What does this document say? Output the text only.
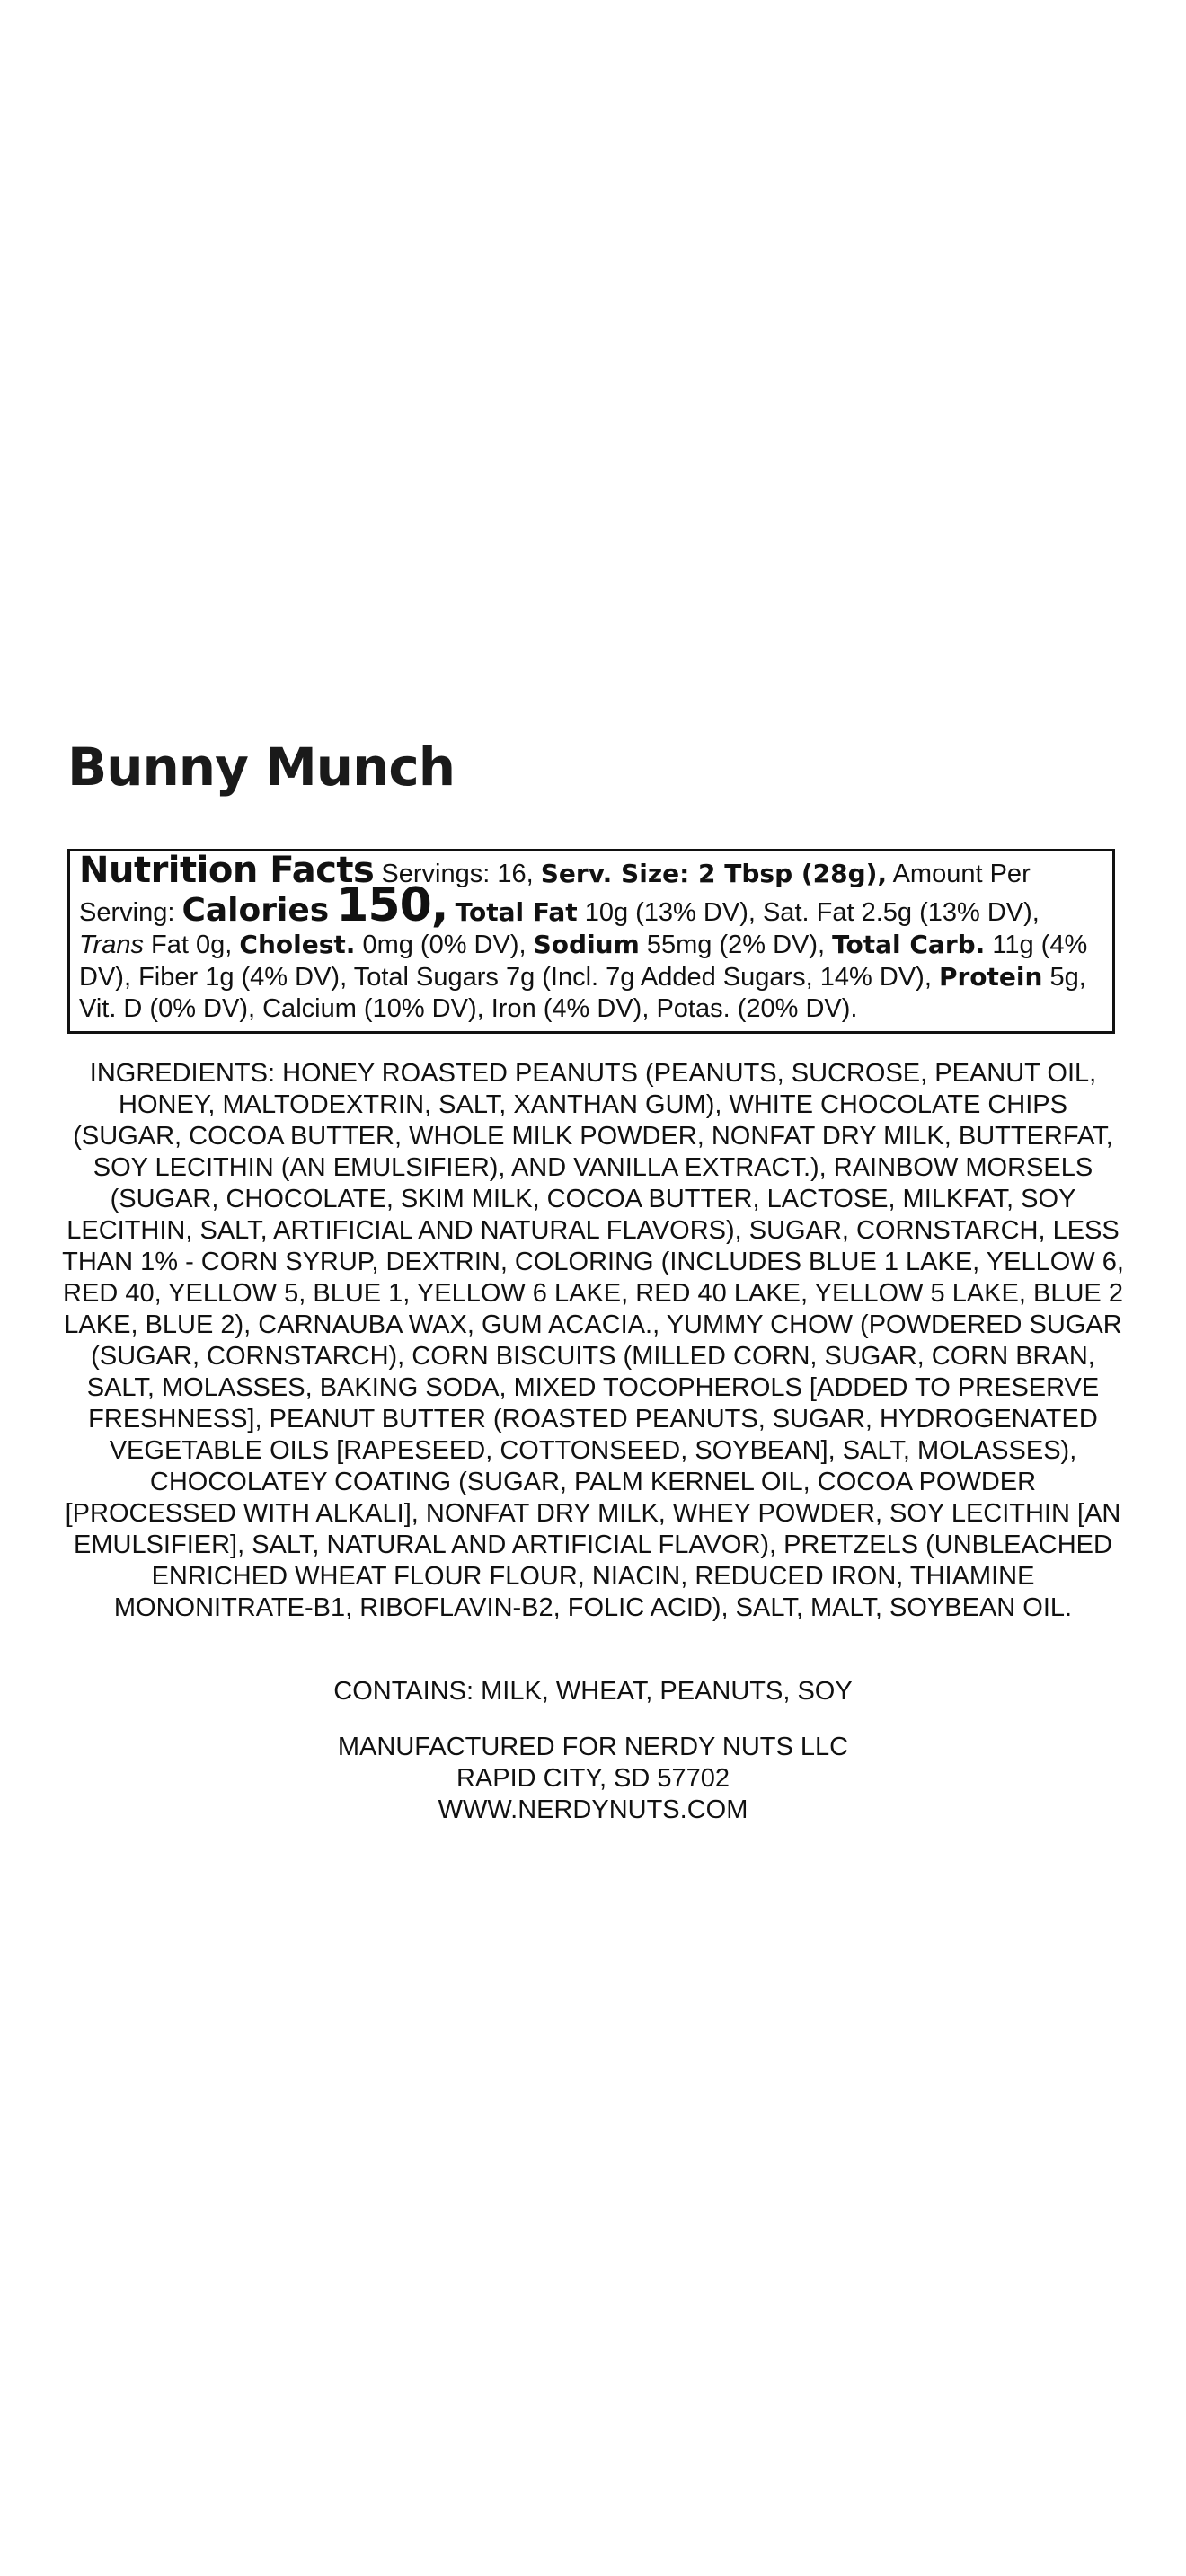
Bunny Munch
Nutrition Facts Servings: 16, Serv. Size: 2 Tbsp (28g), Amount Per Serving: Calories 150, Total Fat 10g (13% DV), Sat. Fat 2.5g (13% DV), Trans Fat 0g, Cholest. 0mg (0% DV), Sodium 55mg (2% DV), Total Carb. 11g (4% DV), Fiber 1g (4% DV), Total Sugars 7g (Incl. 7g Added Sugars, 14% DV), Protein 5g, Vit. D (0% DV), Calcium (10% DV), Iron (4% DV), Potas. (20% DV).

INGREDIENTS: HONEY ROASTED PEANUTS (PEANUTS, SUCROSE, PEANUT OIL, HONEY, MALTODEXTRIN, SALT, XANTHAN GUM), WHITE CHOCOLATE CHIPS (SUGAR, COCOA BUTTER, WHOLE MILK POWDER, NONFAT DRY MILK, BUTTERFAT, SOY LECITHIN (AN EMULSIFIER), AND VANILLA EXTRACT.), RAINBOW MORSELS (SUGAR, CHOCOLATE, SKIM MILK, COCOA BUTTER, LACTOSE, MILKFAT, SOY LECITHIN, SALT, ARTIFICIAL AND NATURAL FLAVORS), SUGAR, CORNSTARCH, LESS THAN 1% - CORN SYRUP, DEXTRIN, COLORING (INCLUDES BLUE 1 LAKE, YELLOW 6, RED 40, YELLOW 5, BLUE 1, YELLOW 6 LAKE, RED 40 LAKE, YELLOW 5 LAKE, BLUE 2 LAKE, BLUE 2), CARNAUBA WAX, GUM ACACIA., YUMMY CHOW (POWDERED SUGAR (SUGAR, CORNSTARCH), CORN BISCUITS (MILLED CORN, SUGAR, CORN BRAN, SALT, MOLASSES, BAKING SODA, MIXED TOCOPHEROLS [ADDED TO PRESERVE FRESHNESS], PEANUT BUTTER (ROASTED PEANUTS, SUGAR, HYDROGENATED VEGETABLE OILS [RAPESEED, COTTONSEED, SOYBEAN], SALT, MOLASSES), CHOCOLATEY COATING (SUGAR, PALM KERNEL OIL, COCOA POWDER [PROCESSED WITH ALKALI], NONFAT DRY MILK, WHEY POWDER, SOY LECITHIN [AN EMULSIFIER], SALT, NATURAL AND ARTIFICIAL FLAVOR), PRETZELS (UNBLEACHED ENRICHED WHEAT FLOUR FLOUR, NIACIN, REDUCED IRON, THIAMINE MONONITRATE-B1, RIBOFLAVIN-B2, FOLIC ACID), SALT, MALT, SOYBEAN OIL.

CONTAINS: MILK, WHEAT, PEANUTS, SOY

MANUFACTURED FOR NERDY NUTS LLC
RAPID CITY, SD 57702
WWW.NERDYNUTS.COM
